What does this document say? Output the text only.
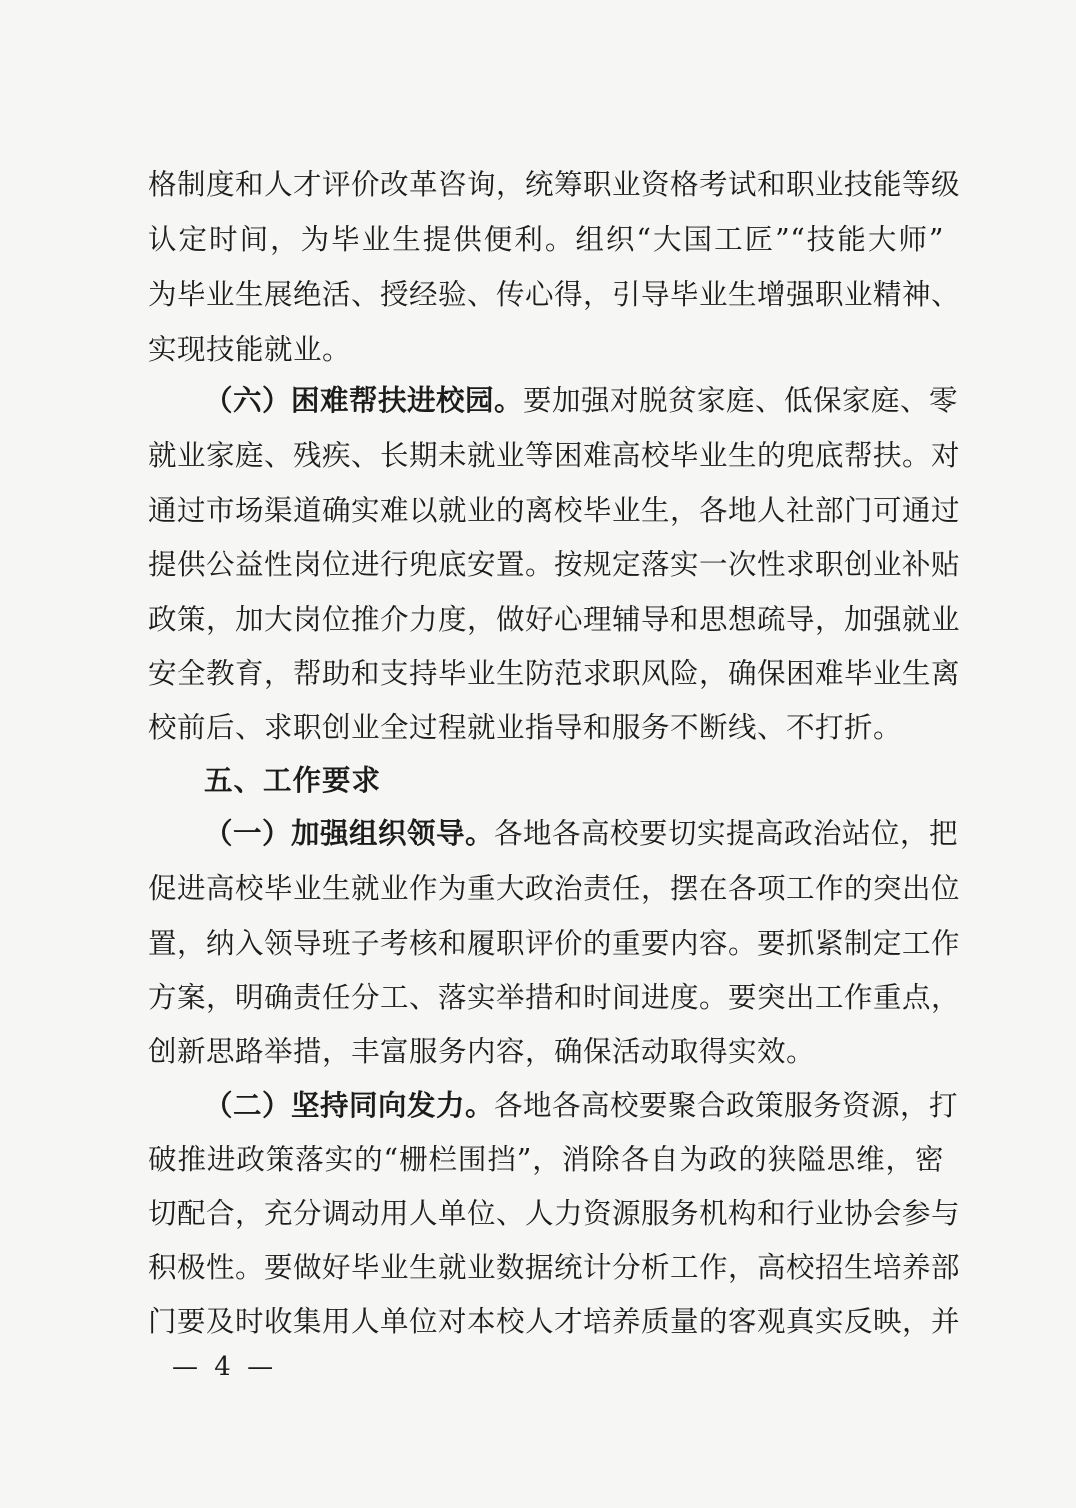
格制度和人才评价改革咨询，统筹职业资格考试和职业技能等级
认定时间，为毕业生提供便利。组织“大国工匠”“技能大师”
为毕业生展绝活、授经验、传心得，引导毕业生增强职业精神、
实现技能就业。
（六）困难帮扶进校园。要加强对脱贫家庭、低保家庭、零
就业家庭、残疾、长期未就业等困难高校毕业生的兜底帮扶。对
通过市场渠道确实难以就业的离校毕业生，各地人社部门可通过
提供公益性岗位进行兜底安置。按规定落实一次性求职创业补贴
政策，加大岗位推介力度，做好心理辅导和思想疏导，加强就业
安全教育，帮助和支持毕业生防范求职风险，确保困难毕业生离
校前后、求职创业全过程就业指导和服务不断线、不打折。
五、工作要求
（一）加强组织领导。各地各高校要切实提高政治站位，把
促进高校毕业生就业作为重大政治责任，摆在各项工作的突出位
置，纳入领导班子考核和履职评价的重要内容。要抓紧制定工作
方案，明确责任分工、落实举措和时间进度。要突出工作重点，
创新思路举措，丰富服务内容，确保活动取得实效。
（二）坚持同向发力。各地各高校要聚合政策服务资源，打
破推进政策落实的“栅栏围挡”，消除各自为政的狭隘思维，密
切配合，充分调动用人单位、人力资源服务机构和行业协会参与
积极性。要做好毕业生就业数据统计分析工作，高校招生培养部
门要及时收集用人单位对本校人才培养质量的客观真实反映，并
— 4 —
